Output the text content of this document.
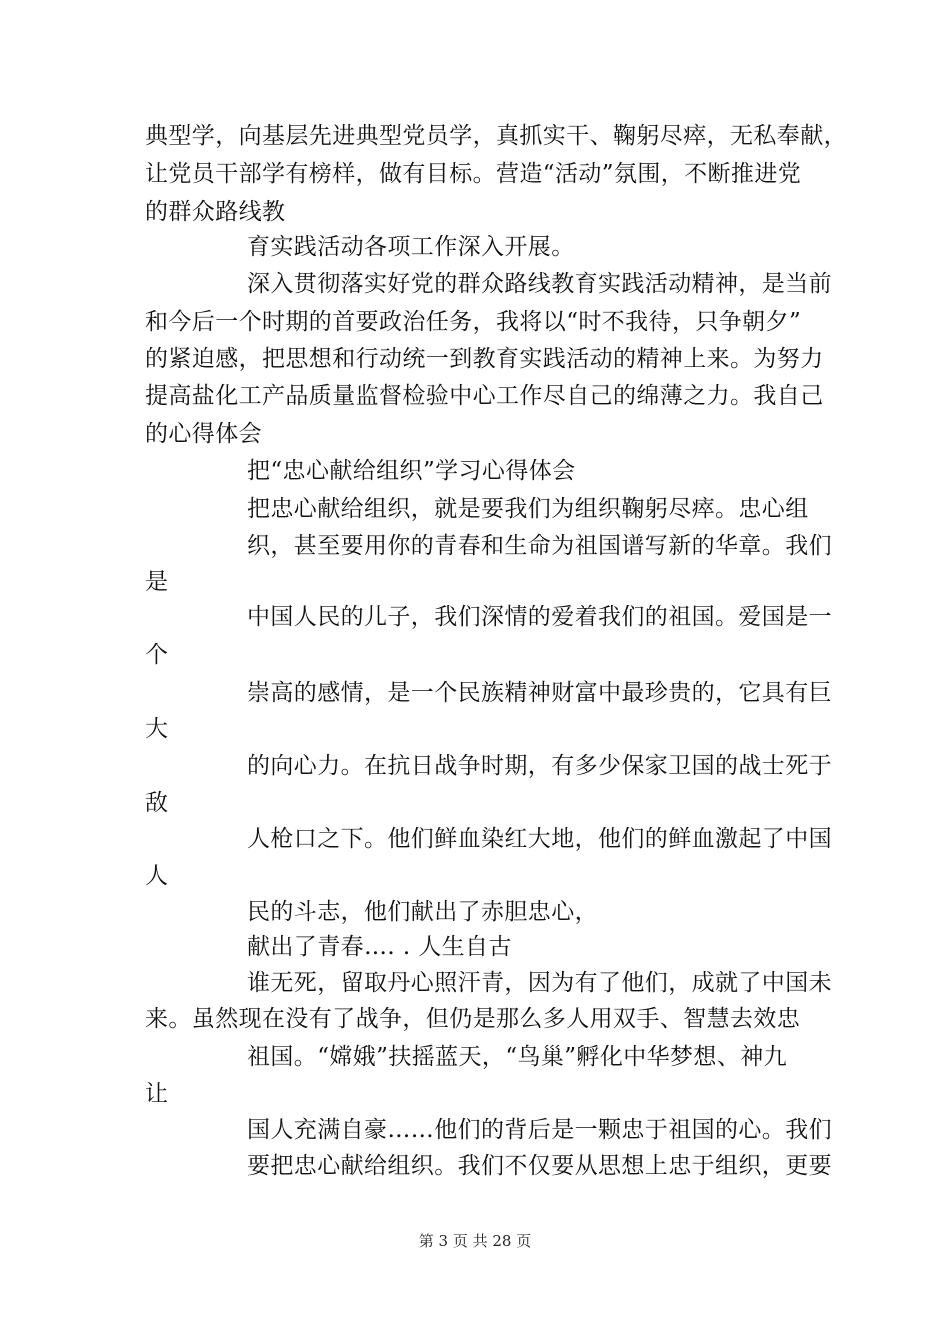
典型学，向基层先进典型党员学，真抓实干、鞠躬尽瘁，无私奉献，
让党员干部学有榜样，做有目标。营造“活动”氛围，不断推进党
的群众路线教
育实践活动各项工作深入开展。
深入贯彻落实好党的群众路线教育实践活动精神，是当前
和今后一个时期的首要政治任务，我将以“时不我待，只争朝夕”
的紧迫感，把思想和行动统一到教育实践活动的精神上来。为努力
提高盐化工产品质量监督检验中心工作尽自己的绵薄之力。我自己
的心得体会
把“忠心献给组织”学习心得体会
把忠心献给组织，就是要我们为组织鞠躬尽瘁。忠心组
织，甚至要用你的青春和生命为祖国谱写新的华章。我们
是
中国人民的儿子，我们深情的爱着我们的祖国。爱国是一
个
崇高的感情，是一个民族精神财富中最珍贵的，它具有巨
大
的向心力。在抗日战争时期，有多少保家卫国的战士死于
敌
人枪口之下。他们鲜血染红大地，他们的鲜血激起了中国
人
民的斗志，他们献出了赤胆忠心，
献出了青春…. . 人生自古
谁无死，留取丹心照汗青，因为有了他们，成就了中国未
来。虽然现在没有了战争，但仍是那么多人用双手、智慧去效忠
祖国。“嫦娥”扶摇蓝天，“鸟巢”孵化中华梦想、神九
让
国人充满自豪……他们的背后是一颗忠于祖国的心。我们
要把忠心献给组织。我们不仅要从思想上忠于组织，更要
第 3 页 共 28 页
